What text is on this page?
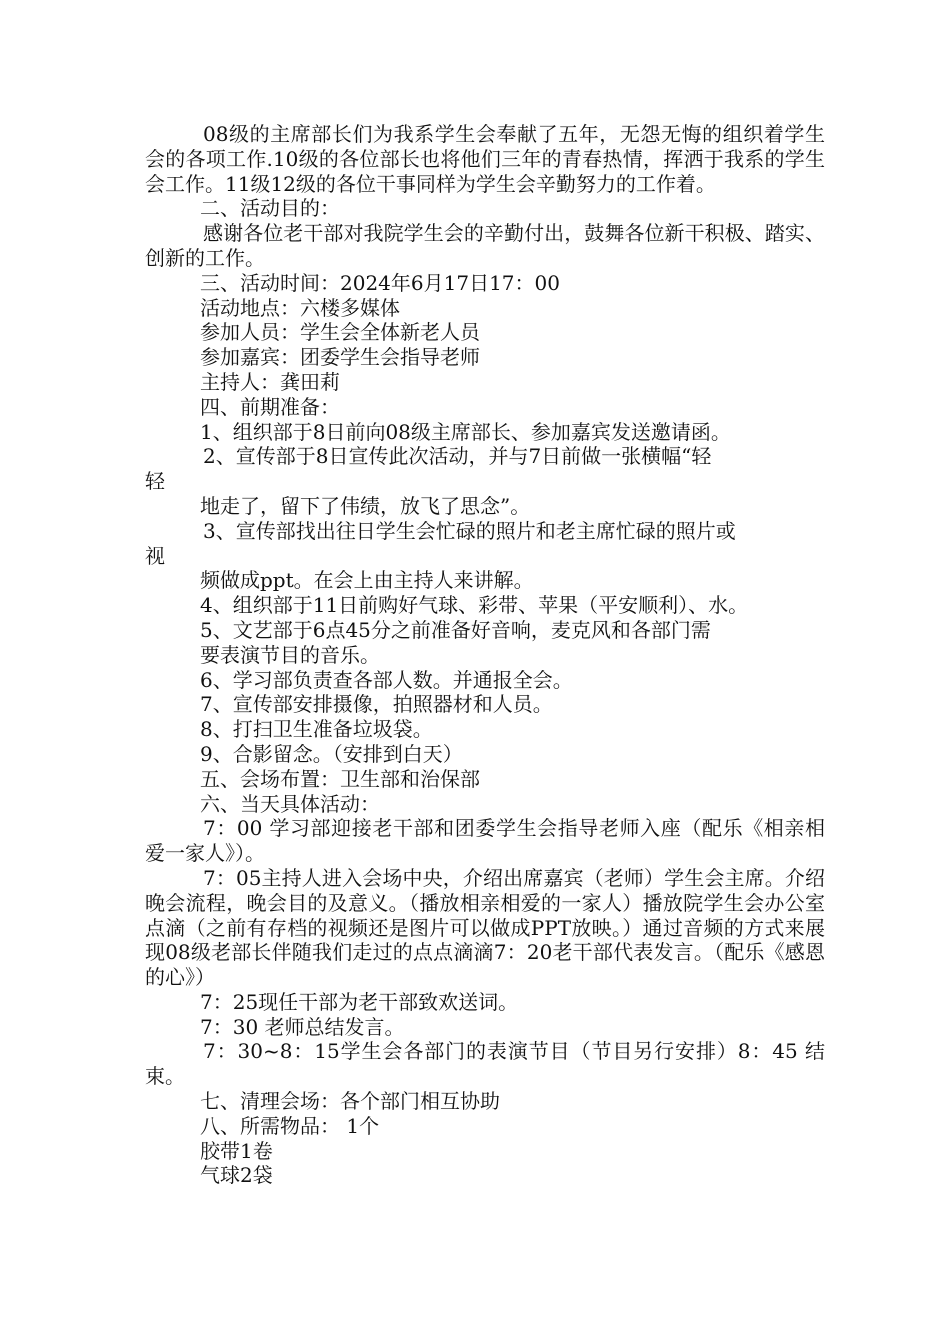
08级的主席部长们为我系学生会奉献了五年，无怨无悔的组织着学生会的各项工作.10级的各位部长也将他们三年的青春热情，挥洒于我系的学生会工作。11级12级的各位干事同样为学生会辛勤努力的工作着。
二、活动目的：
感谢各位老干部对我院学生会的辛勤付出，鼓舞各位新干积极、踏实、创新的工作。
三、活动时间：2024年6月17日17：00
活动地点：六楼多媒体
参加人员：学生会全体新老人员
参加嘉宾：团委学生会指导老师
主持人：龚田莉
四、前期准备：
1、组织部于8日前向08级主席部长、参加嘉宾发送邀请函。
2、宣传部于8日宣传此次活动，并与7日前做一张横幅“轻
轻
地走了，留下了伟绩，放飞了思念”。
3、宣传部找出往日学生会忙碌的照片和老主席忙碌的照片或
视
频做成ppt。在会上由主持人来讲解。
4、组织部于11日前购好气球、彩带、苹果（平安顺利）、水。
5、文艺部于6点45分之前准备好音响，麦克风和各部门需
要表演节目的音乐。
6、学习部负责查各部人数。并通报全会。
7、宣传部安排摄像，拍照器材和人员。
8、打扫卫生准备垃圾袋。
9、合影留念。（安排到白天）
五、会场布置：卫生部和治保部
六、当天具体活动：
7：00 学习部迎接老干部和团委学生会指导老师入座（配乐《相亲相爱一家人》）。
7：05主持人进入会场中央，介绍出席嘉宾（老师）学生会主席。介绍晚会流程，晚会目的及意义。（播放相亲相爱的一家人）播放院学生会办公室点滴（之前有存档的视频还是图片可以做成PPT放映。）通过音频的方式来展现08级老部长伴随我们走过的点点滴滴7：20老干部代表发言。（配乐《感恩的心》）
7：25现任干部为老干部致欢送词。
7：30 老师总结发言。
7：30~8：15学生会各部门的表演节目（节目另行安排）8：45 结束。
七、清理会场：各个部门相互协助
八、所需物品： 1个
胶带1卷
气球2袋
